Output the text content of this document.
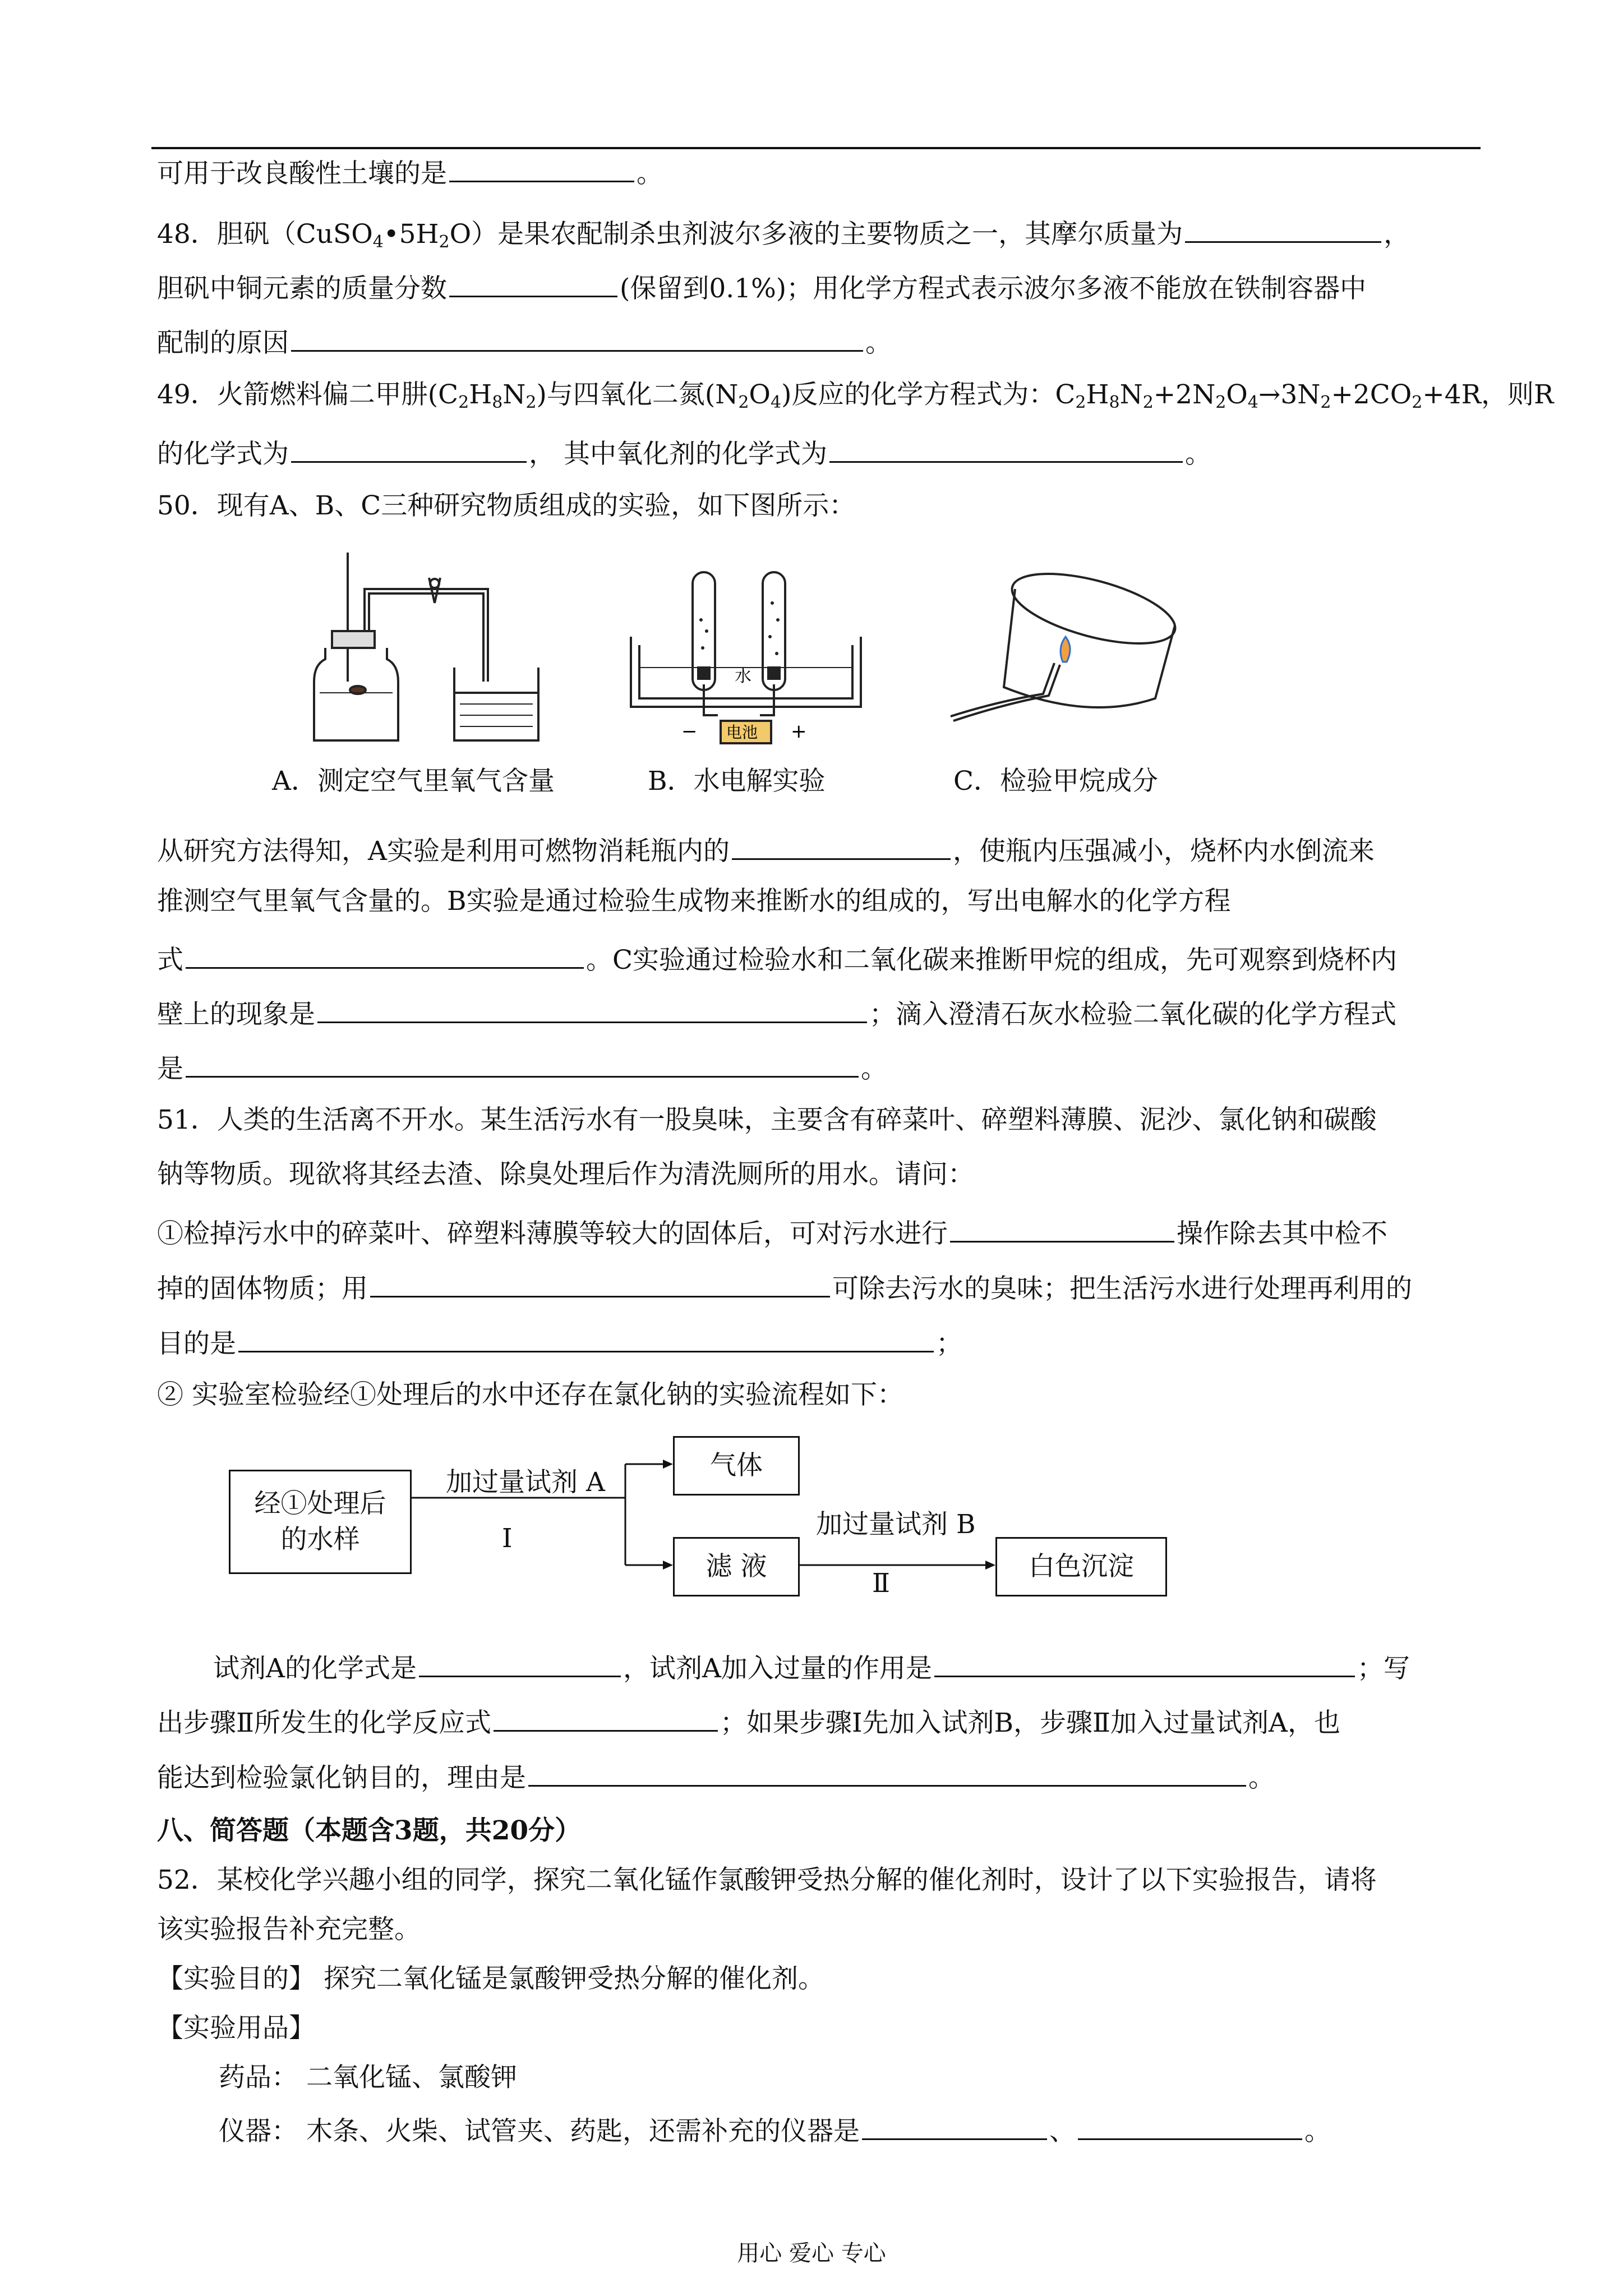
可用于改良酸性土壤的是	。
48．胆矾$(CuSO_4•5H_2O)$是果农配制杀虫剂波尔多液的主要物质之一，其摩尔质量为	，
胆矾中铜元素的质量分数	(保留到0.1%)；用化学方程式表示波尔多液不能放在铁制容器中
配制的原因	。
49．火箭燃料偏二甲肼$(C_2H_8N_2)$与四氧化二氮$(N_2O_4)$反应的化学方程式为：$C_2H_8N_2+2N_2O_4\to 3N_2+2CO_2+4R$，则R
的化学式为	， 其中氧化剂的化学式为	。
50．现有A、B、C三种研究物质组成的实验，如下图所示：
A．测定空气里氧气含量
水
电池
−	+
B．水电解实验	C．检验甲烷成分
从研究方法得知，A实验是利用可燃物消耗瓶内的	，使瓶内压强减小，烧杯内水倒流来
推测空气里氧气含量的。B实验是通过检验生成物来推断水的组成的，写出电解水的化学方程
式	。C实验通过检验水和二氧化碳来推断甲烷的组成，先可观察到烧杯内
壁上的现象是	；滴入澄清石灰水检验二氧化碳的化学方程式
是	。
51．人类的生活离不开水。某生活污水有一股臭味，主要含有碎菜叶、碎塑料薄膜、泥沙、氯化钠和碳酸
钠等物质。现欲将其经去渣、除臭处理后作为清洗厕所的用水。请问：
①检掉污水中的碎菜叶、碎塑料薄膜等较大的固体后，可对污水进行	操作除去其中检不
掉的固体物质；用	可除去污水的臭味；把生活污水进行处理再利用的
目的是	；
② 实验室检验经①处理后的水中还存在氯化钠的实验流程如下：
经①处理后
的水样
气体
滤 液	白色沉淀
加过量试剂 A
Ⅰ	加过量试剂 B
Ⅱ
试剂A的化学式是	，试剂A加入过量的作用是	；写
出步骤Ⅱ所发生的化学反应式	；如果步骤Ⅰ先加入试剂B，步骤Ⅱ加入过量试剂A，也
能达到检验氯化钠目的，理由是	。
八、简答题（本题含3题，共20分）
52．某校化学兴趣小组的同学，探究二氧化锰作氯酸钾受热分解的催化剂时，设计了以下实验报告，请将
该实验报告补充完整。
【实验目的】 探究二氧化锰是氯酸钾受热分解的催化剂。
【实验用品】
药品： 二氧化锰、氯酸钾
仪器： 木条、火柴、试管夹、药匙，还需补充的仪器是	、	。
用心 爱心 专心
